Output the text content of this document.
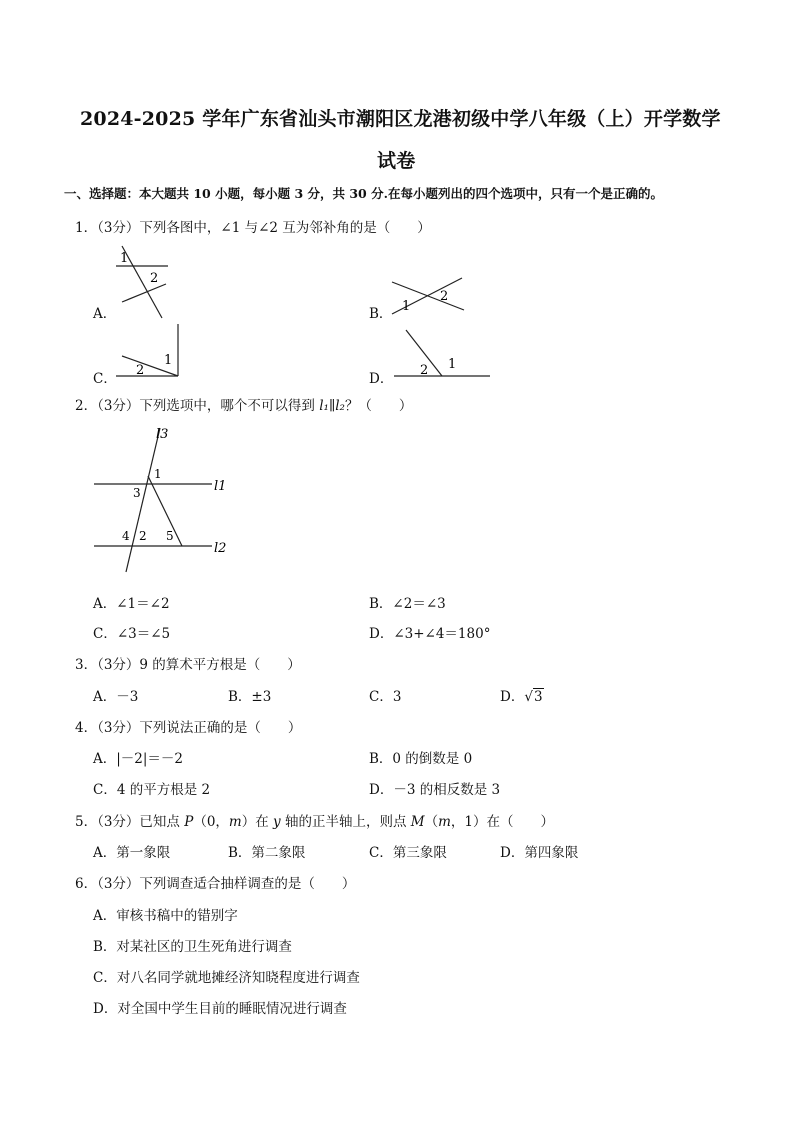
2024-2025 学年广东省汕头市潮阳区龙港初级中学八年级（上）开学数学
试卷
一、选择题：本大题共 10 小题，每小题 3 分，共 30 分.在每小题列出的四个选项中，只有一个是正确的。
1．（3分）下列各图中，∠1 与∠2 互为邻补角的是（　　）
1
2
A．	1
2
B．
1
2
C．
2 1
D．
2．（3分）下列选项中，哪个不可以得到 l₁∥l₂？（　　）
l3
l1
l2
1
3
4 2 5
A．∠1＝∠2	B．∠2＝∠3
C．∠3＝∠5	D．∠3+∠4＝180°
3．（3分）9 的算术平方根是（　　）
A．－3	B．±3	C．3	D．√3
4．（3分）下列说法正确的是（　　）
A．|－2|＝－2	B．0 的倒数是 0
C．4 的平方根是 2	D．－3 的相反数是 3
5．（3分）已知点 P（0，m）在 y 轴的正半轴上，则点 M（m，1）在（　　）
A．第一象限	B．第二象限	C．第三象限	D．第四象限
6．（3分）下列调查适合抽样调查的是（　　）
A．审核书稿中的错别字
B．对某社区的卫生死角进行调查
C．对八名同学就地摊经济知晓程度进行调查
D．对全国中学生目前的睡眠情况进行调查
